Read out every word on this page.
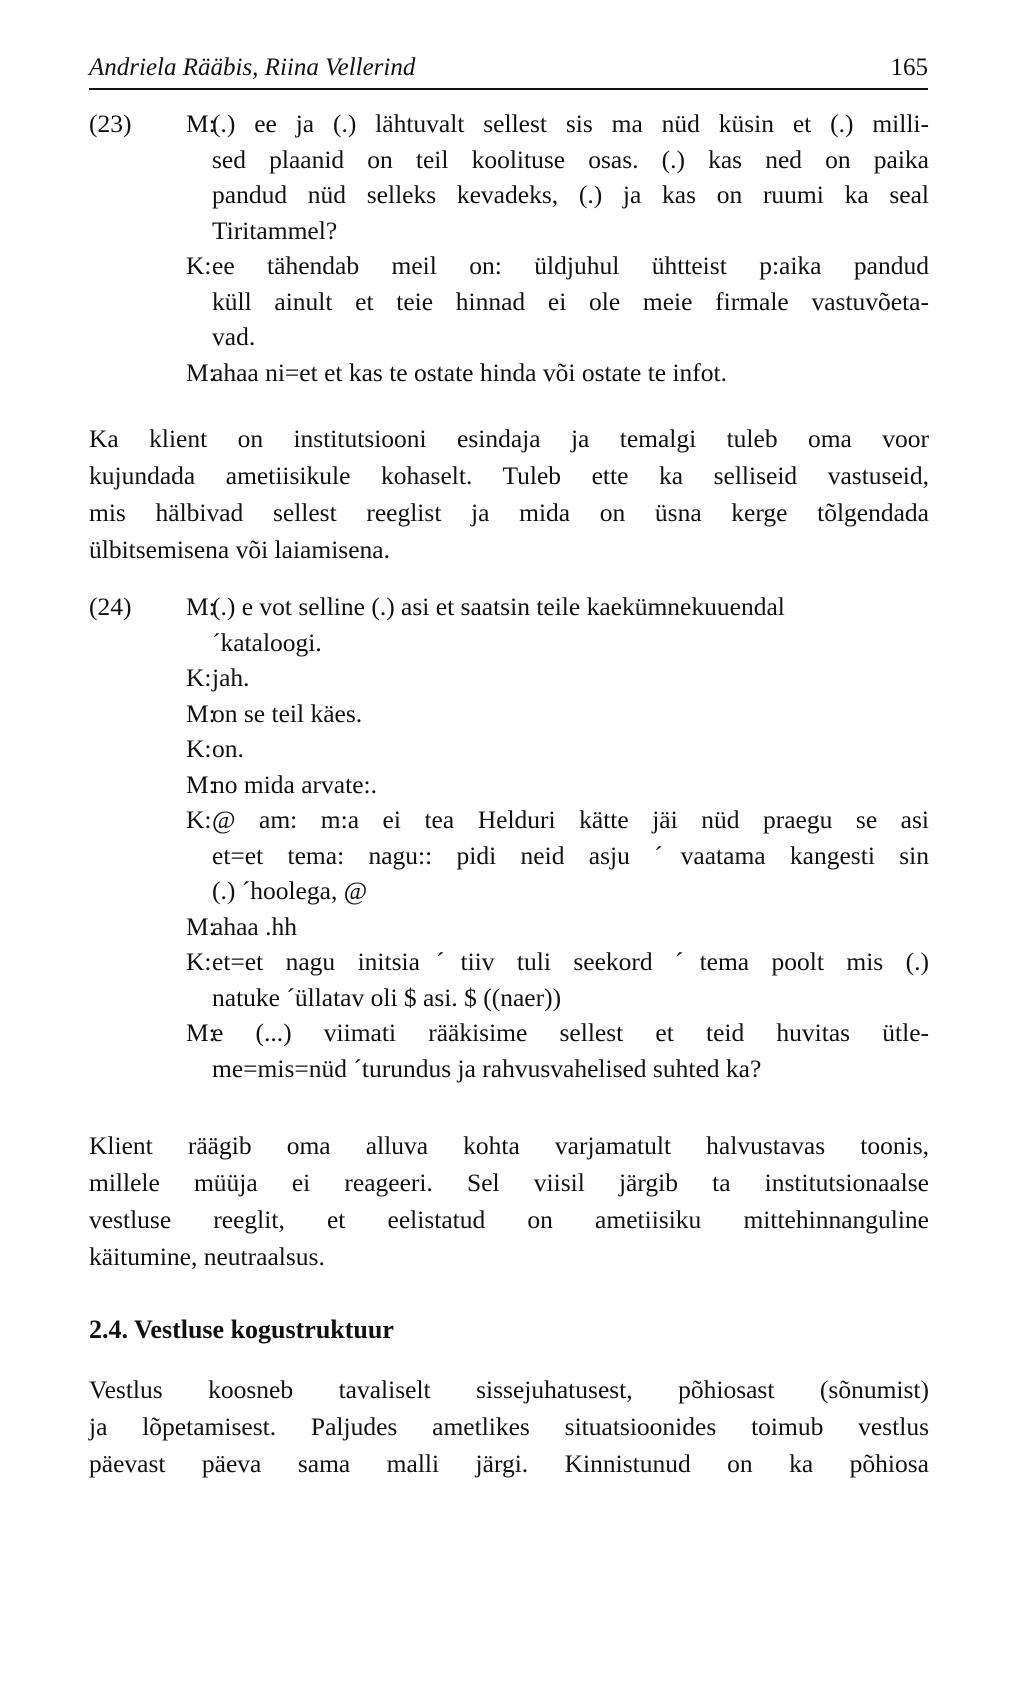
Andriela Rääbis, Riina Vellerind	165
(23)	M:
(.) ee ja (.) lähtuvalt sellest sis ma nüd küsin et (.) milli-
sed plaanid on teil koolituse osas. (.) kas ned on paika
pandud nüd selleks kevadeks, (.) ja kas on ruumi ka seal
Tiritammel?
K: ee tähendab meil on: üldjuhul ühtteist p:aika pandud
küll ainult et teie hinnad ei ole meie firmale vastuvõeta-
vad.
M:
ahaa ni=et et kas te ostate hinda või ostate te infot.
Ka klient on institutsiooni esindaja ja temalgi tuleb oma voor
kujundada ametiisikule kohaselt. Tuleb ette ka selliseid vastuseid,
mis hälbivad sellest reeglist ja mida on üsna kerge tõlgendada
ülbitsemisena või laiamisena.
(24)	M:
(.) e vot selline (.) asi et saatsin teile kaekümnekuuendal
ˊkataloogi.
K: jah.
M:
on se teil käes.
K: on.
M:
no mida arvate:.
K: @ am: m:a ei tea Helduri kätte jäi nüd praegu se asi
et=et tema: nagu:: pidi neid asju ˊvaatama kangesti sin
(.) ˊhoolega, @
M:
ahaa .hh
K: et=et nagu initsiaˊtiiv tuli seekord ˊtema poolt mis (.)
natuke ˊüllatav oli $ asi. $ ((naer))
M:
e (...) viimati rääkisime sellest et teid huvitas ütle-
me=mis=nüd ˊturundus ja rahvusvahelised suhted ka?
Klient räägib oma alluva kohta varjamatult halvustavas toonis,
millele müüja ei reageeri. Sel viisil järgib ta institutsionaalse
vestluse reeglit, et eelistatud on ametiisiku mittehinnanguline
käitumine, neutraalsus.
2.4. Vestluse kogustruktuur
Vestlus koosneb tavaliselt sissejuhatusest, põhiosast (sõnumist)
ja lõpetamisest. Paljudes ametlikes situatsioonides toimub vestlus
päevast päeva sama malli järgi. Kinnistunud on ka põhiosa
